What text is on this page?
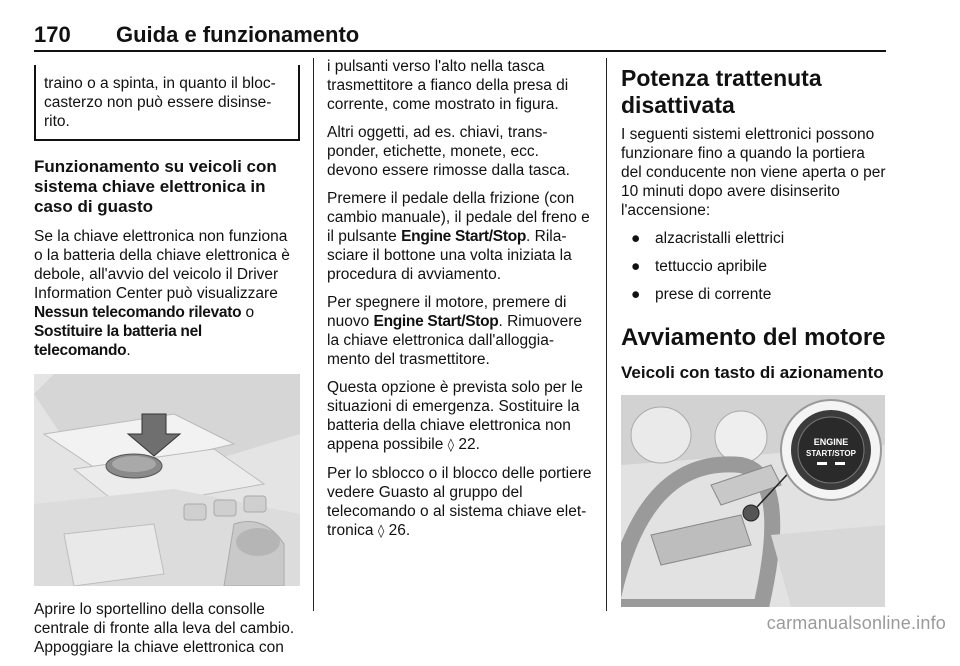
170 Guida e funzionamento
traino o a spinta, in quanto il bloc-casterzo non può essere disinse-rito.
Funzionamento su veicoli con sistema chiave elettronica in caso di guasto

Se la chiave elettronica non funziona o la batteria della chiave elettronica è debole, all'avvio del veicolo il Driver Information Center può visualizzare Nessun telecomando rilevato o Sostituire la batteria nel telecomando.

Aprire lo sportellino della consolle centrale di fronte alla leva del cambio. Appoggiare la chiave elettronica con

i pulsanti verso l'alto nella tasca trasmettitore a fianco della presa di corrente, come mostrato in figura.

Altri oggetti, ad es. chiavi, trans-ponder, etichette, monete, ecc. devono essere rimosse dalla tasca.

Premere il pedale della frizione (con cambio manuale), il pedale del freno e il pulsante Engine Start/Stop. Rila-sciare il bottone una volta iniziata la procedura di avviamento.

Per spegnere il motore, premere di nuovo Engine Start/Stop. Rimuovere la chiave elettronica dall'alloggia-mento del trasmettitore.

Questa opzione è prevista solo per le situazioni di emergenza. Sostituire la batteria della chiave elettronica non appena possibile ◊ 22.

Per lo sblocco o il blocco delle portiere vedere Guasto al gruppo del telecomando o al sistema chiave elet-tronica ◊ 26.

Potenza trattenuta disattivata

I seguenti sistemi elettronici possono funzionare fino a quando la portiera del conducente non viene aperta o per 10 minuti dopo avere disinserito l'accensione:

● alzacristalli elettrici
● tettuccio apribile
● prese di corrente
Avviamento del motore
Veicoli con tasto di azionamento
ENGINE
START/STOP
carmanualsonline.info
